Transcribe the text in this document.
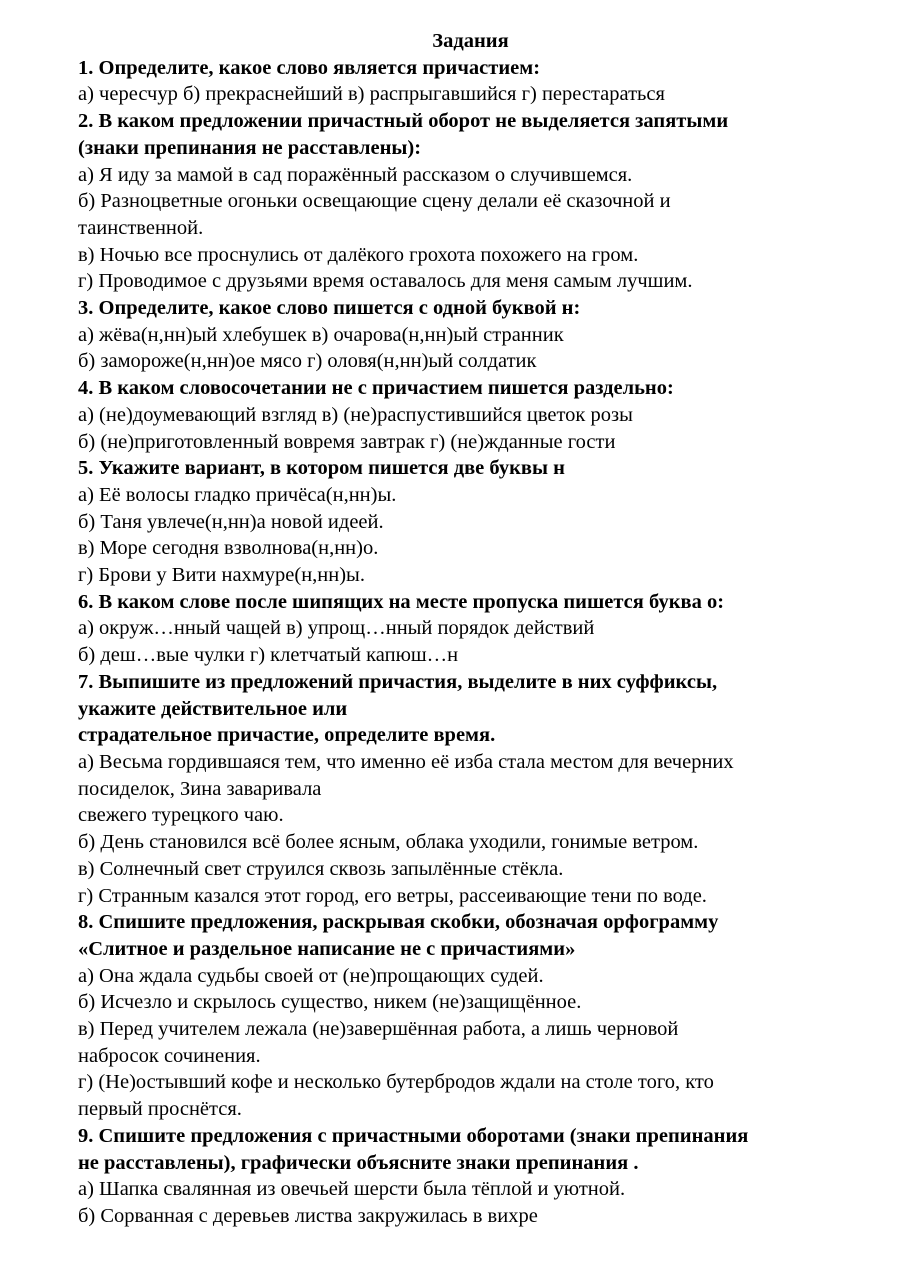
Задания
1. Определите, какое слово является причастием:
а) чересчур б) прекраснейший в) распрыгавшийся г) перестараться
2. В каком предложении причастный оборот не выделяется запятыми
(знаки препинания не расставлены):
а) Я иду за мамой в сад поражённый рассказом о случившемся.
б) Разноцветные огоньки освещающие сцену делали её сказочной и
таинственной.
в) Ночью все проснулись от далёкого грохота похожего на гром.
г) Проводимое с друзьями время оставалось для меня самым лучшим.
3. Определите, какое слово пишется с одной буквой н:
а) жёва(н,нн)ый хлебушек в) очарова(н,нн)ый странник
б) замороже(н,нн)ое мясо г) оловя(н,нн)ый солдатик
4. В каком словосочетании не с причастием пишется раздельно:
а) (не)доумевающий взгляд в) (не)распустившийся цветок розы
б) (не)приготовленный вовремя завтрак г) (не)жданные гости
5. Укажите вариант, в котором пишется две буквы н
а) Её волосы гладко причёса(н,нн)ы.
б) Таня увлече(н,нн)а новой идеей.
в) Море сегодня взволнова(н,нн)о.
г) Брови у Вити нахмуре(н,нн)ы.
6. В каком слове после шипящих на месте пропуска пишется буква о:
а) окруж…нный чащей в) упрощ…нный порядок действий
б) деш…вые чулки г) клетчатый капюш…н
7. Выпишите из предложений причастия, выделите в них суффиксы,
укажите действительное или
страдательное причастие, определите время.
а) Весьма гордившаяся тем, что именно её изба стала местом для вечерних
посиделок, Зина заваривала
свежего турецкого чаю.
б) День становился всё более ясным, облака уходили, гонимые ветром.
в) Солнечный свет струился сквозь запылённые стёкла.
г) Странным казался этот город, его ветры, рассеивающие тени по воде.
8. Спишите предложения, раскрывая скобки, обозначая орфограмму
«Слитное и раздельное написание не с причастиями»
а) Она ждала судьбы своей от (не)прощающих судей.
б) Исчезло и скрылось существо, никем (не)защищённое.
в) Перед учителем лежала (не)завершённая работа, а лишь черновой
набросок сочинения.
г) (Не)остывший кофе и несколько бутербродов ждали на столе того, кто
первый проснётся.
9. Спишите предложения с причастными оборотами (знаки препинания
не расставлены), графически объясните знаки препинания .
а) Шапка свалянная из овечьей шерсти была тёплой и уютной.
б) Сорванная с деревьев листва закружилась в вихре
